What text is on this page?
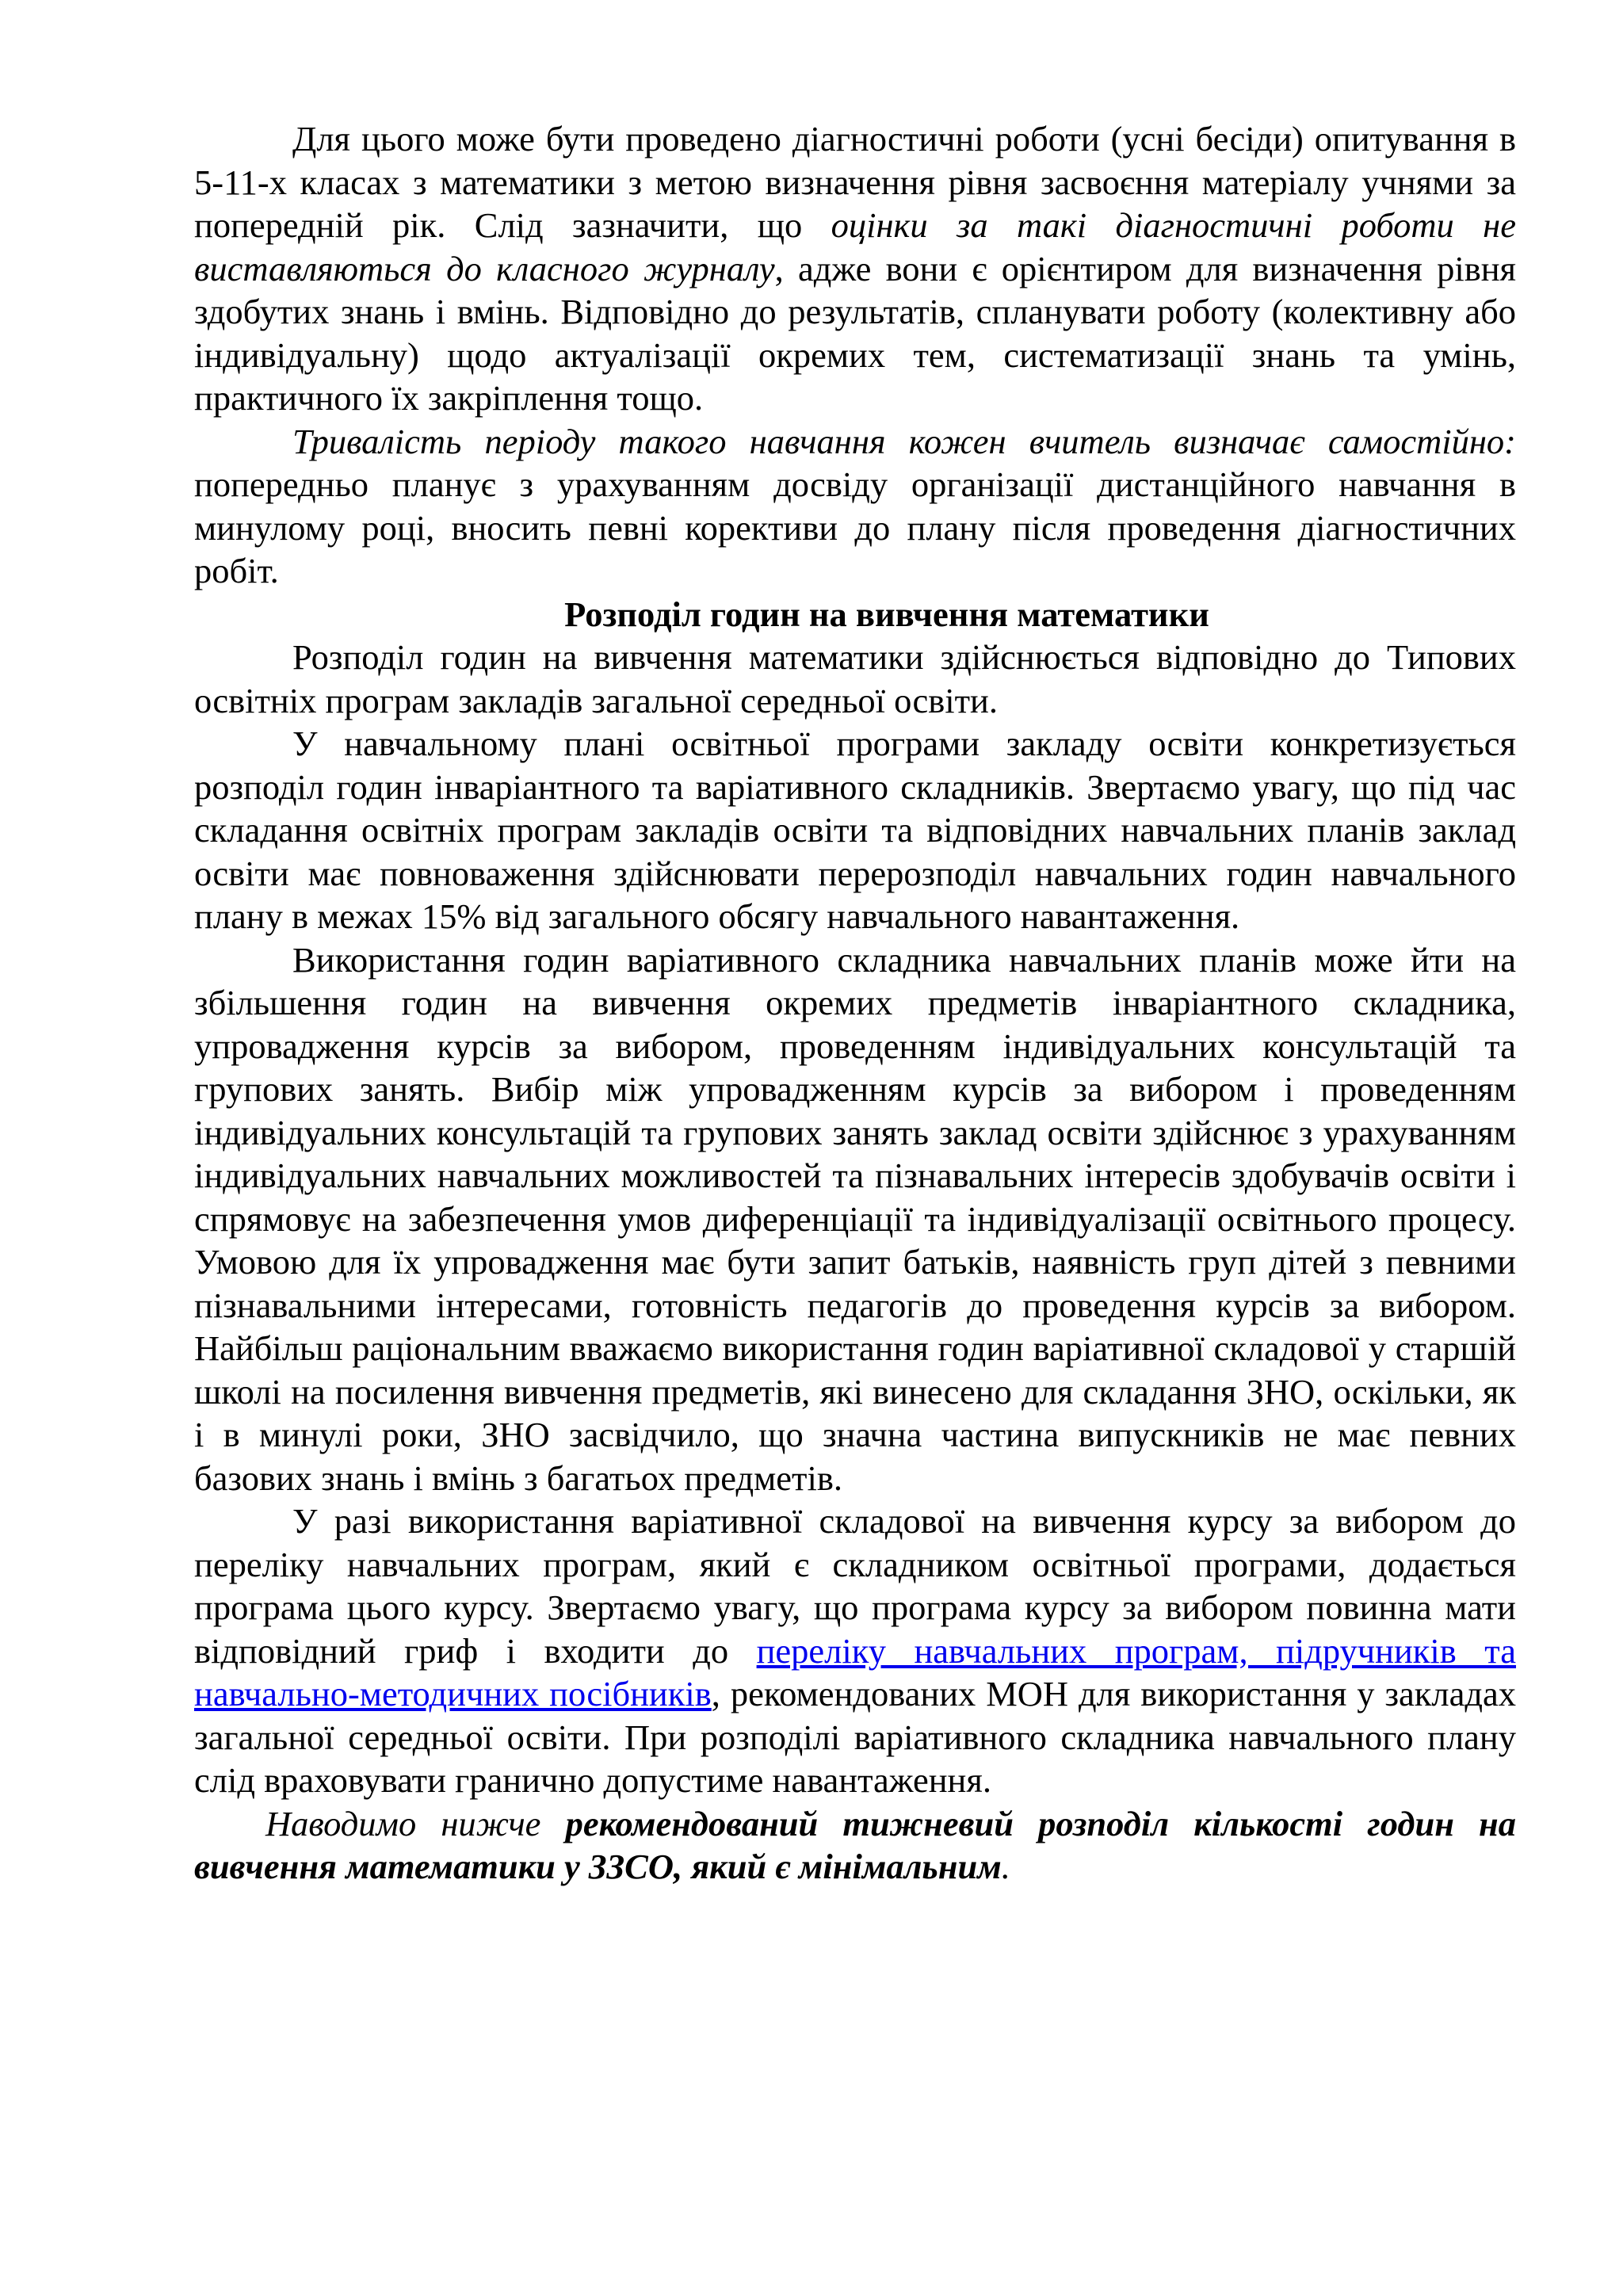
Для цього може бути проведено діагностичні роботи (усні бесіди) опитування в 5-11-х класах з математики з метою визначення рівня засвоєння матеріалу учнями за попередній рік. Слід зазначити, що оцінки за такі діагностичні роботи не виставляються до класного журналу, адже вони є орієнтиром для визначення рівня здобутих знань і вмінь. Відповідно до результатів, спланувати роботу (колективну або індивідуальну) щодо актуалізації окремих тем, систематизації знань та умінь, практичного їх закріплення тощо.

Тривалість періоду такого навчання кожен вчитель визначає самостійно: попередньо планує з урахуванням досвіду організації дистанційного навчання в минулому році, вносить певні корективи до плану після проведення діагностичних робіт.

Розподіл годин на вивчення математики

Розподіл годин на вивчення математики здійснюється відповідно до Типових освітніх програм закладів загальної середньої освіти.

У навчальному плані освітньої програми закладу освіти конкретизується розподіл годин інваріантного та варіативного складників. Звертаємо увагу, що під час складання освітніх програм закладів освіти та відповідних навчальних планів заклад освіти має повноваження здійснювати перерозподіл навчальних годин навчального плану в межах 15% від загального обсягу навчального навантаження.

Використання годин варіативного складника навчальних планів може йти на збільшення годин на вивчення окремих предметів інваріантного складника, упровадження курсів за вибором, проведенням індивідуальних консультацій та групових занять. Вибір між упровадженням курсів за вибором і проведенням індивідуальних консультацій та групових занять заклад освіти здійснює з урахуванням індивідуальних навчальних можливостей та пізнавальних інтересів здобувачів освіти і спрямовує на забезпечення умов диференціації та індивідуалізації освітнього процесу. Умовою для їх упровадження має бути запит батьків, наявність груп дітей з певними пізнавальними інтересами, готовність педагогів до проведення курсів за вибором. Найбільш раціональним вважаємо використання годин варіативної складової у старшій школі на посилення вивчення предметів, які винесено для складання ЗНО, оскільки, як і в минулі роки, ЗНО засвідчило, що значна частина випускників не має певних базових знань і вмінь з багатьох предметів.

У разі використання варіативної складової на вивчення курсу за вибором до переліку навчальних програм, який є складником освітньої програми, додається програма цього курсу. Звертаємо увагу, що програма курсу за вибором повинна мати відповідний гриф і входити до переліку навчальних програм, підручників та навчально-методичних посібників, рекомендованих МОН для використання у закладах загальної середньої освіти. При розподілі варіативного складника навчального плану слід враховувати гранично допустиме навантаження.

Наводимо нижче рекомендований тижневий розподіл кількості годин на вивчення математики у ЗЗСО, який є мінімальним.
